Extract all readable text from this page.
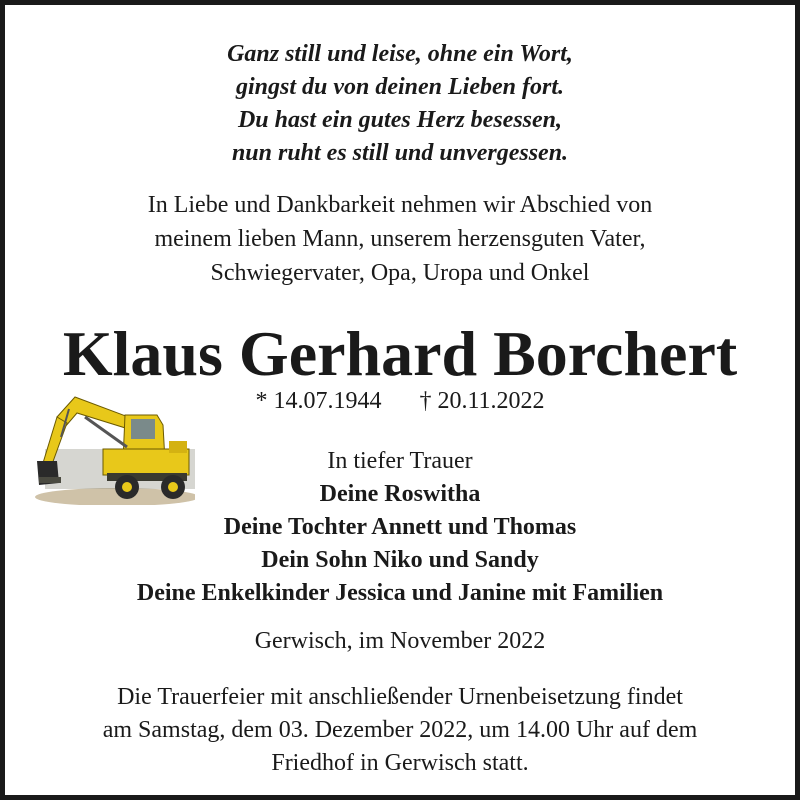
Ganz still und leise, ohne ein Wort,
gingst du von deinen Lieben fort.
Du hast ein gutes Herz besessen,
nun ruht es still und unvergessen.
In Liebe und Dankbarkeit nehmen wir Abschied von
meinem lieben Mann, unserem herzensguten Vater,
Schwiegervater, Opa, Uropa und Onkel
Klaus Gerhard Borchert
* 14.07.1944 † 20.11.2022
In tiefer Trauer
Deine Roswitha
Deine Tochter Annett und Thomas
Dein Sohn Niko und Sandy
Deine Enkelkinder Jessica und Janine mit Familien
Gerwisch, im November 2022
Die Trauerfeier mit anschließender Urnenbeisetzung findet
am Samstag, dem 03. Dezember 2022, um 14.00 Uhr auf dem
Friedhof in Gerwisch statt.
